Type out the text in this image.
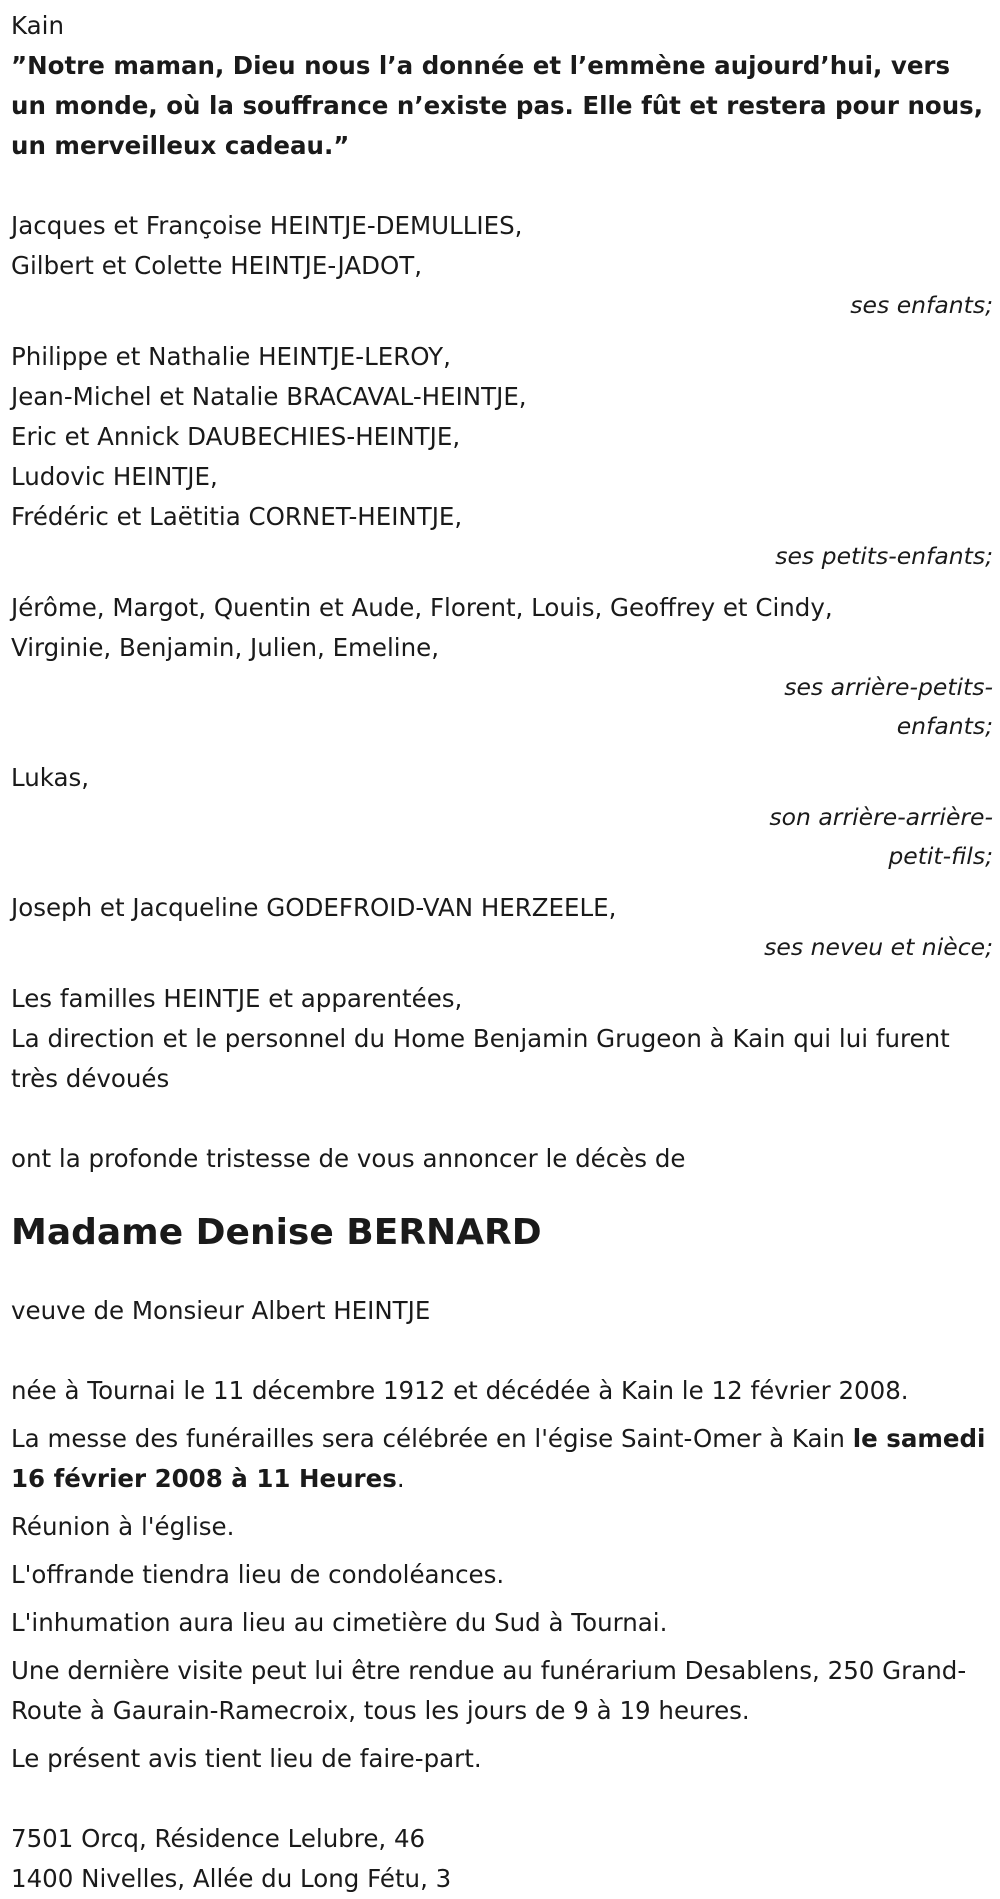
Kain
”Notre maman, Dieu nous l’a donnée et l’emmène aujourd’hui, vers un monde, où la souffrance n’existe pas. Elle fût et restera pour nous, un merveilleux cadeau.”
Jacques et Françoise HEINTJE-DEMULLIES,
Gilbert et Colette HEINTJE-JADOT,
ses enfants;
Philippe et Nathalie HEINTJE-LEROY,
Jean-Michel et Natalie BRACAVAL-HEINTJE,
Eric et Annick DAUBECHIES-HEINTJE,
Ludovic HEINTJE,
Frédéric et Laëtitia CORNET-HEINTJE,
ses petits-enfants;
Jérôme, Margot, Quentin et Aude, Florent, Louis, Geoffrey et Cindy,
Virginie, Benjamin, Julien, Emeline,
ses arrière-petits-
enfants;
Lukas,
son arrière-arrière-
petit-fils;
Joseph et Jacqueline GODEFROID-VAN HERZEELE,
ses neveu et nièce;
Les familles HEINTJE et apparentées,
La direction et le personnel du Home Benjamin Grugeon à Kain qui lui furent très dévoués
ont la profonde tristesse de vous annoncer le décès de
Madame Denise BERNARD
veuve de Monsieur Albert HEINTJE
née à Tournai le 11 décembre 1912 et décédée à Kain le 12 février 2008.
La messe des funérailles sera célébrée en l'égise Saint-Omer à Kain le samedi 16 février 2008 à 11 Heures.
Réunion à l'église.
L'offrande tiendra lieu de condoléances.
L'inhumation aura lieu au cimetière du Sud à Tournai.
Une dernière visite peut lui être rendue au funérarium Desablens, 250 Grand-Route à Gaurain-Ramecroix, tous les jours de 9 à 19 heures.
Le présent avis tient lieu de faire-part.
7501 Orcq, Résidence Lelubre, 46
1400 Nivelles, Allée du Long Fétu, 3
